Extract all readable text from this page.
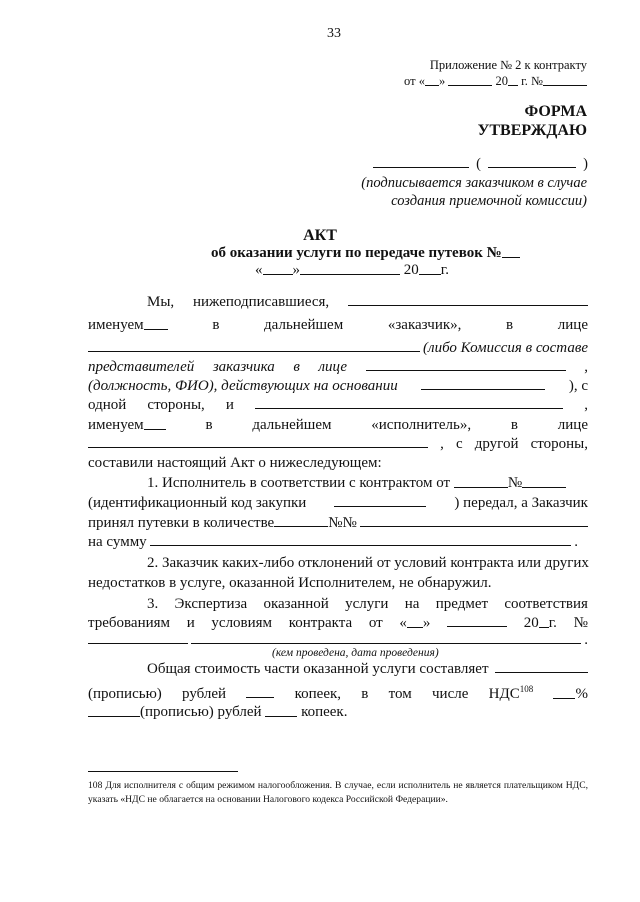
33
Приложение № 2 к контракту
от « »	20 г. №
ФОРМА
УТВЕРЖДАЮ
(	)
(подписывается заказчиком в случае
создания приемочной комиссии)
АКТ
об оказании услуги по передаче путевок №
« »	20 г.
Мы, нижеподписавшиеся,
именуем	в	дальнейшем	«заказчик»,	в	лице
(либо Комиссия в составе
представителей заказчика в лице	,
(должность, ФИО), действующих на основании	), с
одной стороны, и	,
именуем	в	дальнейшем	«исполнитель»,	в	лице
, с другой стороны,
составили настоящий Акт о нижеследующем:
1. Исполнитель в соответствии с контрактом от	№
(идентификационный код закупки	) передал, а Заказчик
принял путевки в количестве	№№
на сумму	.
2. Заказчик каких-либо отклонений от условий контракта или других
недостатков в услуге, оказанной Исполнителем, не обнаружил.
3. Экспертиза оказанной услуги на предмет соответствия
требованиям и условиям контракта от « »	20 г. №
.
(кем проведена, дата проведения)
Общая стоимость части оказанной услуги составляет
(прописью) рублей	копеек, в том числе НДС$^{108}$	%
(прописью) рублей	копеек.
108 Для исполнителя с общим режимом налогообложения. В случае, если исполнитель не является плательщиком НДС, указать «НДС не облагается на основании Налогового кодекса Российской Федерации».
